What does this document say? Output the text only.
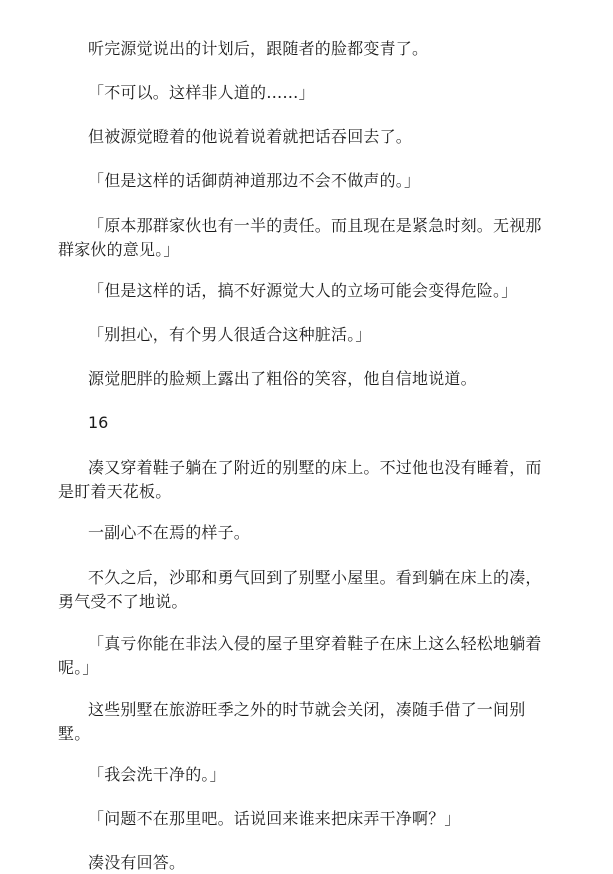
听完源觉说出的计划后，跟随者的脸都变青了。

「不可以。这样非人道的……」

但被源觉瞪着的他说着说着就把话吞回去了。

「但是这样的话御荫神道那边不会不做声的。」

「原本那群家伙也有一半的责任。而且现在是紧急时刻。无视那群家伙的意见。」

「但是这样的话，搞不好源觉大人的立场可能会变得危险。」

「别担心，有个男人很适合这种脏活。」

源觉肥胖的脸颊上露出了粗俗的笑容，他自信地说道。

16

凑又穿着鞋子躺在了附近的别墅的床上。不过他也没有睡着，而是盯着天花板。

一副心不在焉的样子。

不久之后，沙耶和勇气回到了别墅小屋里。看到躺在床上的凑，勇气受不了地说。

「真亏你能在非法入侵的屋子里穿着鞋子在床上这么轻松地躺着呢。」

这些别墅在旅游旺季之外的时节就会关闭，凑随手借了一间别墅。

「我会洗干净的。」

「问题不在那里吧。话说回来谁来把床弄干净啊？」

凑没有回答。
